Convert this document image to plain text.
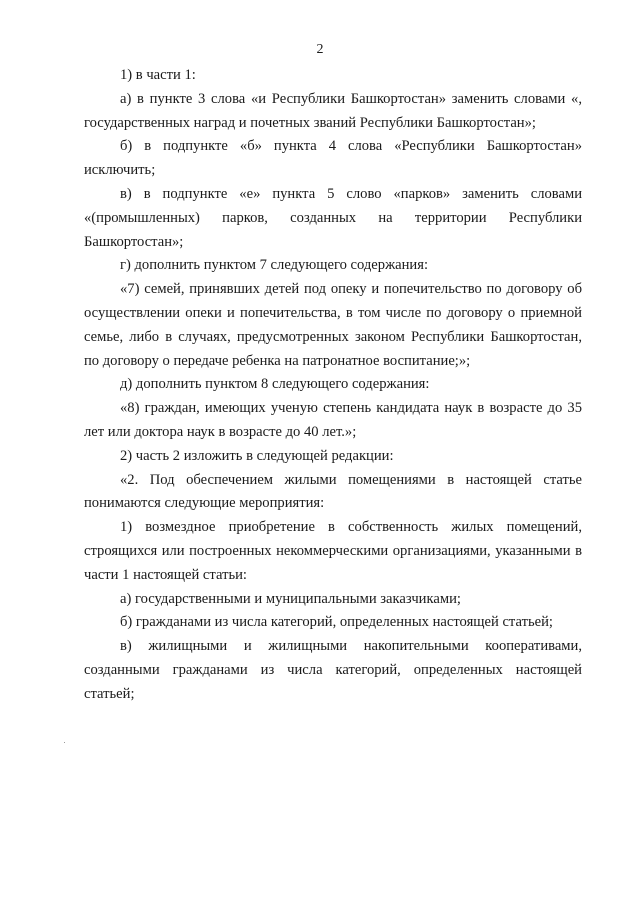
2

1) в части 1:

а) в пункте 3 слова «и Республики Башкортостан» заменить словами «, государственных наград и почетных званий Республики Башкортостан»;

б) в подпункте «б» пункта 4 слова «Республики Башкортостан» исключить;

в) в подпункте «е» пункта 5 слово «парков» заменить словами «(промышленных) парков, созданных на территории Республики Башкортостан»;

г) дополнить пунктом 7 следующего содержания:

«7) семей, принявших детей под опеку и попечительство по договору об осуществлении опеки и попечительства, в том числе по договору о приемной семье, либо в случаях, предусмотренных законом Республики Башкортостан, по договору о передаче ребенка на патронатное воспитание;»;

д) дополнить пунктом 8 следующего содержания:

«8) граждан, имеющих ученую степень кандидата наук в возрасте до 35 лет или доктора наук в возрасте до 40 лет.»;

2) часть 2 изложить в следующей редакции:

«2. Под обеспечением жилыми помещениями в настоящей статье понимаются следующие мероприятия:

1) возмездное приобретение в собственность жилых помещений, строящихся или построенных некоммерческими организациями, указанными в части 1 настоящей статьи:

а) государственными и муниципальными заказчиками;

б) гражданами из числа категорий, определенных настоящей статьей;

в) жилищными и жилищными накопительными кооперативами, созданными гражданами из числа категорий, определенных настоящей статьей;
